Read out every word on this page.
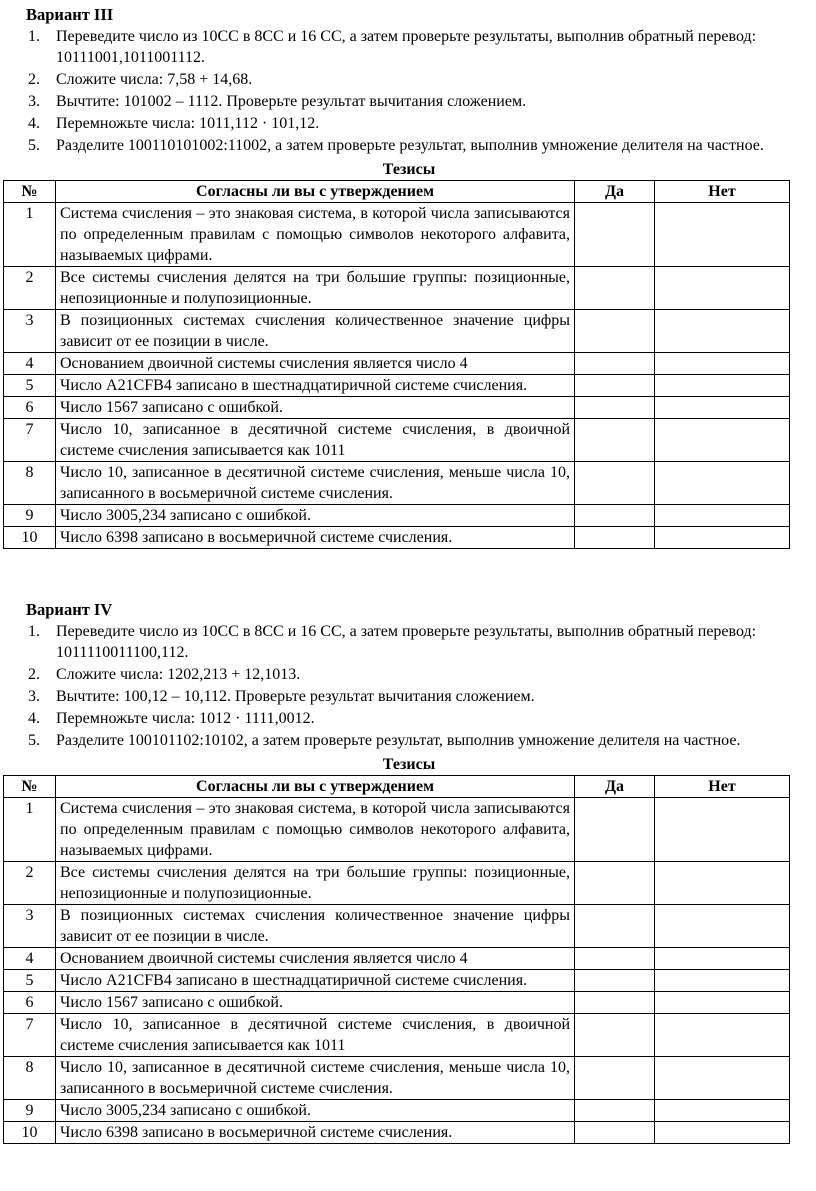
Вариант III
1. Переведите число из 10СС в 8СС и 16 СС, а затем проверьте результаты, выполнив обратный перевод: 10111001,1011001112.
2. Сложите числа: 7,58 + 14,68.
3. Вычтите: 101002 – 1112. Проверьте результат вычитания сложением.
4. Перемножьте числа: 1011,112 · 101,12.
5. Разделите 100110101002:11002, а затем проверьте результат, выполнив умножение делителя на частное.
Тезисы
№	Согласны ли вы с утверждением	Да	Нет
1	Система счисления – это знаковая система, в которой числа записываются по определенным правилам с помощью символов некоторого алфавита, называемых цифрами.		
2	Все системы счисления делятся на три большие группы: позиционные, непозиционные и полупозиционные.		
3	В позиционных системах счисления количественное значение цифры зависит от ее позиции в числе.		
4	Основанием двоичной системы счисления является число 4		
5	Число A21CFB4 записано в шестнадцатиричной системе счисления.		
6	Число 1567 записано с ошибкой.		
7	Число 10, записанное в десятичной системе счисления, в двоичной системе счисления записывается как 1011		
8	Число 10, записанное в десятичной системе счисления, меньше числа 10, записанного в восьмеричной системе счисления.		
9	Число 3005,234 записано с ошибкой.		
10	Число 6398 записано в восьмеричной системе счисления.		
Вариант IV
1. Переведите число из 10СС в 8СС и 16 СС, а затем проверьте результаты, выполнив обратный перевод: 1011110011100,112.
2. Сложите числа: 1202,213 + 12,1013.
3. Вычтите: 100,12 – 10,112. Проверьте результат вычитания сложением.
4. Перемножьте числа: 1012 · 1111,0012.
5. Разделите 100101102:10102, а затем проверьте результат, выполнив умножение делителя на частное.
Тезисы
№	Согласны ли вы с утверждением	Да	Нет
1	Система счисления – это знаковая система, в которой числа записываются по определенным правилам с помощью символов некоторого алфавита, называемых цифрами.		
2	Все системы счисления делятся на три большие группы: позиционные, непозиционные и полупозиционные.		
3	В позиционных системах счисления количественное значение цифры зависит от ее позиции в числе.		
4	Основанием двоичной системы счисления является число 4		
5	Число A21CFB4 записано в шестнадцатиричной системе счисления.		
6	Число 1567 записано с ошибкой.		
7	Число 10, записанное в десятичной системе счисления, в двоичной системе счисления записывается как 1011		
8	Число 10, записанное в десятичной системе счисления, меньше числа 10, записанного в восьмеричной системе счисления.		
9	Число 3005,234 записано с ошибкой.		
10	Число 6398 записано в восьмеричной системе счисления.		
